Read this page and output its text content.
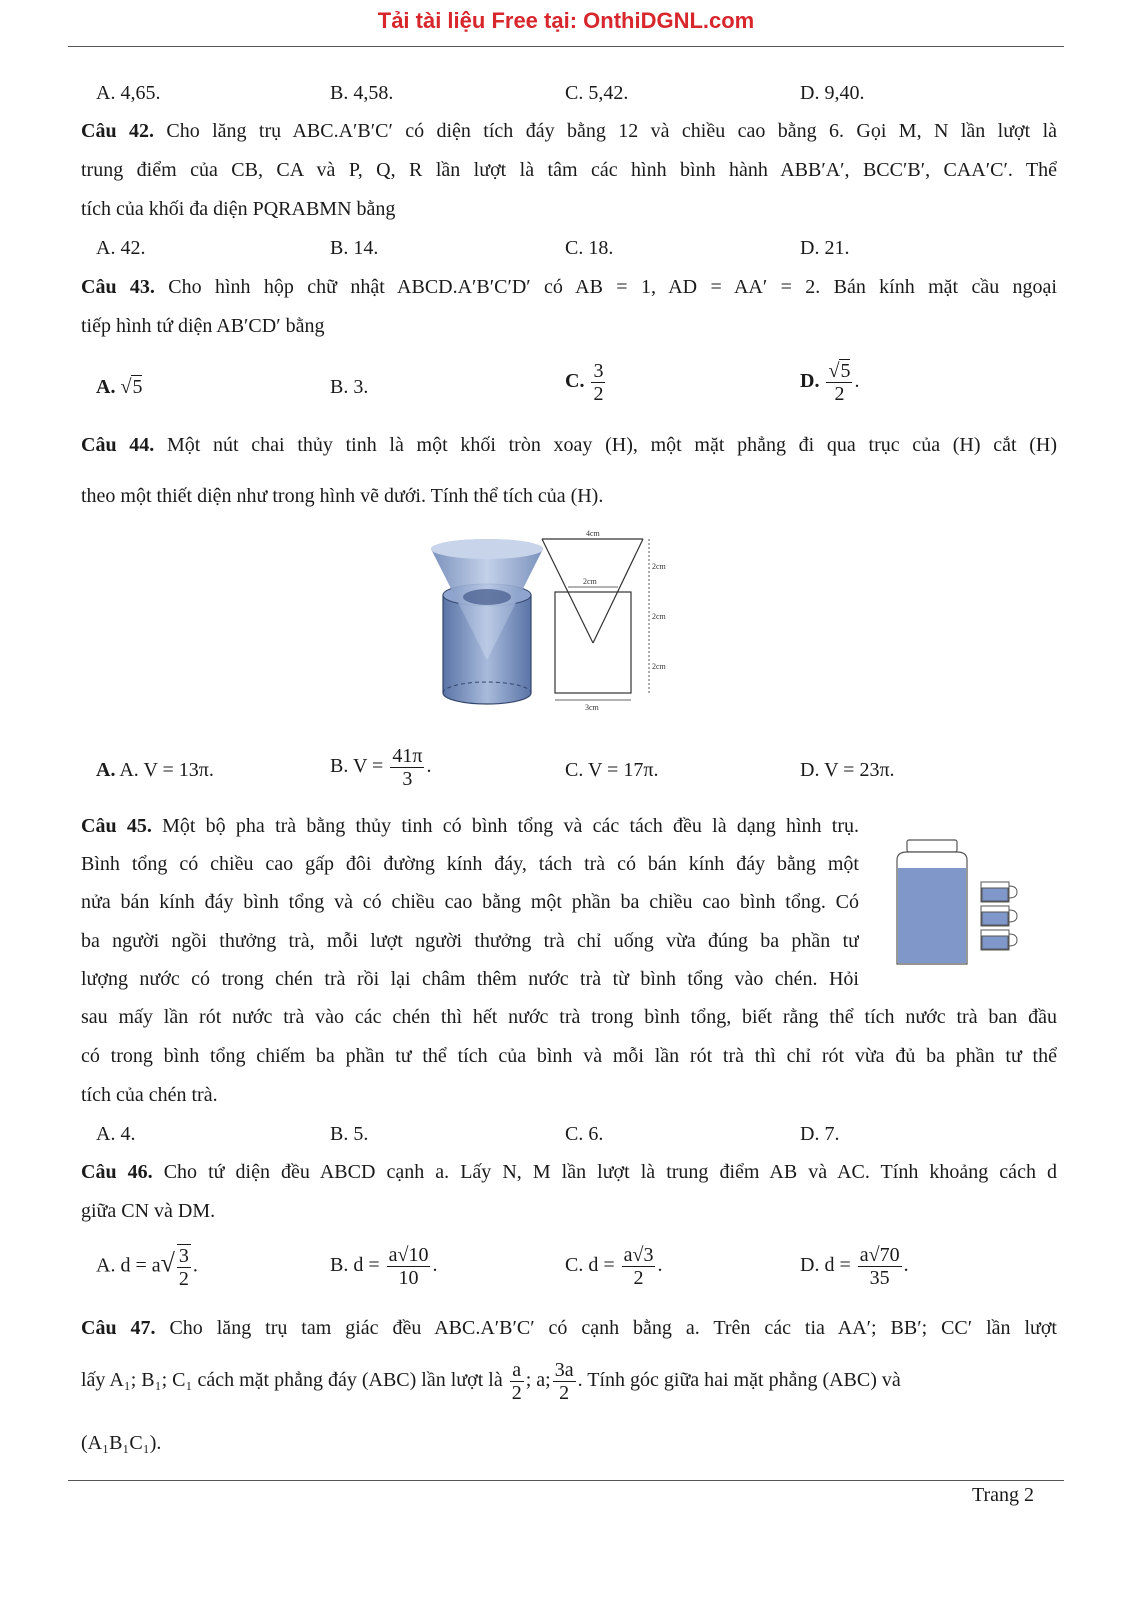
Tải tài liệu Free tại: OnthiDGNL.com
A. 4,65.	B. 4,58.	C. 5,42.	D. 9,40.
Câu 42. Cho lăng trụ ABC.A′B′C′ có diện tích đáy bằng 12 và chiều cao bằng 6. Gọi M, N lần lượt là
trung điểm của CB, CA và P, Q, R lần lượt là tâm các hình bình hành ABB′A′, BCC′B′, CAA′C′. Thể
tích của khối đa diện PQRABMN bằng
A. 42.	B. 14.	C. 18.	D. 21.
Câu 43. Cho hình hộp chữ nhật ABCD.A′B′C′D′ có AB = 1, AD = AA′ = 2. Bán kính mặt cầu ngoại
tiếp hình tứ diện AB′CD′ bằng
A. √5	B. 3.	C. $\frac{3}{2}$	D. $\frac{√5}{2}$ .
Câu 44. Một nút chai thủy tinh là một khối tròn xoay (H), một mặt phẳng đi qua trục của (H) cắt (H)
theo một thiết diện như trong hình vẽ dưới. Tính thể tích của (H).
4cm
2cm
2cm
2cm
2cm
3cm
A. A. V = 13π.	B. $V = \frac{41\pi}{3}$ .	C. V = 17π.	D. V = 23π.
Câu 45. Một bộ pha trà bằng thủy tinh có bình tổng và các tách đều là dạng hình trụ.
Bình tổng có chiều cao gấp đôi đường kính đáy, tách trà có bán kính đáy bằng một
nửa bán kính đáy bình tổng và có chiều cao bằng một phần ba chiều cao bình tổng. Có
ba người ngồi thưởng trà, mỗi lượt người thưởng trà chỉ uống vừa đúng ba phần tư
lượng nước có trong chén trà rồi lại châm thêm nước trà từ bình tổng vào chén. Hỏi
sau mấy lần rót nước trà vào các chén thì hết nước trà trong bình tổng, biết rằng thể tích nước trà ban đầu
có trong bình tổng chiếm ba phần tư thể tích của bình và mỗi lần rót trà thì chỉ rót vừa đủ ba phần tư thể
tích của chén trà.
A. 4.	B. 5.	C. 6.	D. 7.
Câu 46. Cho tứ diện đều ABCD cạnh a. Lấy N, M lần lượt là trung điểm AB và AC. Tính khoảng cách d
giữa CN và DM.
A. $d = a√ \frac{3}{2}$ .	B. $d = \frac{a√10}{10}$ .	C. $d = \frac{a√3}{2}$ .	D. $d = \frac{a√70}{35}$ .
Câu 47. Cho lăng trụ tam giác đều ABC.A′B′C′ có cạnh bằng a. Trên các tia AA′; BB′; CC′ lần lượt
lấy A₁; B₁; C₁ cách mặt phẳng đáy (ABC) lần lượt là $\frac{a}{2}$ ; a; $\frac{3a}{2}$ . Tính góc giữa hai mặt phẳng (ABC) và
(A₁B₁C₁).
Trang 2
